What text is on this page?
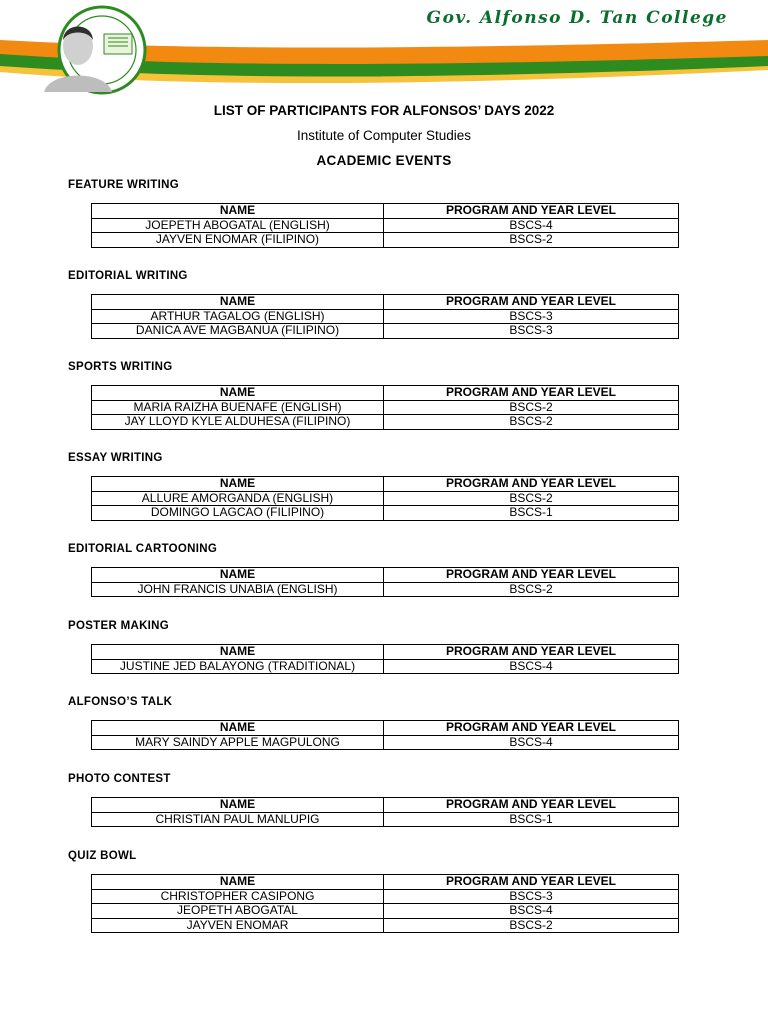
Gov. Alfonso D. Tan College
LIST OF PARTICIPANTS FOR ALFONSOS’ DAYS 2022
Institute of Computer Studies
ACADEMIC EVENTS
FEATURE WRITING
NAME	PROGRAM AND YEAR LEVEL
JOEPETH ABOGATAL (ENGLISH)	BSCS-4
JAYVEN ENOMAR (FILIPINO)	BSCS-2
EDITORIAL WRITING
NAME	PROGRAM AND YEAR LEVEL
ARTHUR TAGALOG (ENGLISH)	BSCS-3
DANICA AVE MAGBANUA (FILIPINO)	BSCS-3
SPORTS WRITING
NAME	PROGRAM AND YEAR LEVEL
MARIA RAIZHA BUENAFE (ENGLISH)	BSCS-2
JAY LLOYD KYLE ALDUHESA (FILIPINO)	BSCS-2
ESSAY WRITING
NAME	PROGRAM AND YEAR LEVEL
ALLURE AMORGANDA (ENGLISH)	BSCS-2
DOMINGO LAGCAO (FILIPINO)	BSCS-1
EDITORIAL CARTOONING
NAME	PROGRAM AND YEAR LEVEL
JOHN FRANCIS UNABIA (ENGLISH)	BSCS-2
POSTER MAKING
NAME	PROGRAM AND YEAR LEVEL
JUSTINE JED BALAYONG (TRADITIONAL)	BSCS-4
ALFONSO’S TALK
NAME	PROGRAM AND YEAR LEVEL
MARY SAINDY APPLE MAGPULONG	BSCS-4
PHOTO CONTEST
NAME	PROGRAM AND YEAR LEVEL
CHRISTIAN PAUL MANLUPIG	BSCS-1
QUIZ BOWL
NAME	PROGRAM AND YEAR LEVEL
CHRISTOPHER CASIPONG	BSCS-3
JEOPETH ABOGATAL	BSCS-4
JAYVEN ENOMAR	BSCS-2
